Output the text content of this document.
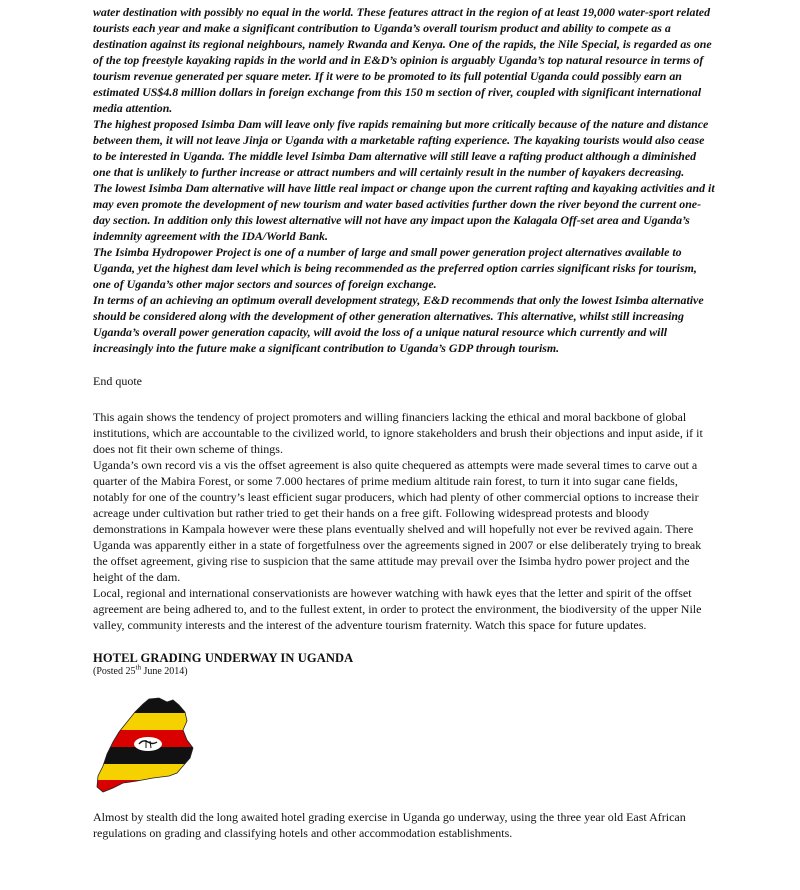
water destination with possibly no equal in the world. These features attract in the region of at least 19,000 water-sport related tourists each year and make a significant contribution to Uganda’s overall tourism product and ability to compete as a destination against its regional neighbours, namely Rwanda and Kenya. One of the rapids, the Nile Special, is regarded as one of the top freestyle kayaking rapids in the world and in E&D’s opinion is arguably Uganda’s top natural resource in terms of tourism revenue generated per square meter. If it were to be promoted to its full potential Uganda could possibly earn an estimated US$4.8 million dollars in foreign exchange from this 150 m section of river, coupled with significant international media attention.

The highest proposed Isimba Dam will leave only five rapids remaining but more critically because of the nature and distance between them, it will not leave Jinja or Uganda with a marketable rafting experience. The kayaking tourists would also cease to be interested in Uganda. The middle level Isimba Dam alternative will still leave a rafting product although a diminished one that is unlikely to further increase or attract numbers and will certainly result in the number of kayakers decreasing.

The lowest Isimba Dam alternative will have little real impact or change upon the current rafting and kayaking activities and it may even promote the development of new tourism and water based activities further down the river beyond the current one-day section. In addition only this lowest alternative will not have any impact upon the Kalagala Off-set area and Uganda’s indemnity agreement with the IDA/World Bank.

The Isimba Hydropower Project is one of a number of large and small power generation project alternatives available to Uganda, yet the highest dam level which is being recommended as the preferred option carries significant risks for tourism, one of Uganda’s other major sectors and sources of foreign exchange.

In terms of an achieving an optimum overall development strategy, E&D recommends that only the lowest Isimba alternative should be considered along with the development of other generation alternatives. This alternative, whilst still increasing Uganda’s overall power generation capacity, will avoid the loss of a unique natural resource which currently and will increasingly into the future make a significant contribution to Uganda’s GDP through tourism.

End quote

This again shows the tendency of project promoters and willing financiers lacking the ethical and moral backbone of global institutions, which are accountable to the civilized world, to ignore stakeholders and brush their objections and input aside, if it does not fit their own scheme of things.

Uganda’s own record vis a vis the offset agreement is also quite chequered as attempts were made several times to carve out a quarter of the Mabira Forest, or some 7.000 hectares of prime medium altitude rain forest, to turn it into sugar cane fields, notably for one of the country’s least efficient sugar producers, which had plenty of other commercial options to increase their acreage under cultivation but rather tried to get their hands on a free gift. Following widespread protests and bloody demonstrations in Kampala however were these plans eventually shelved and will hopefully not ever be revived again. There Uganda was apparently either in a state of forgetfulness over the agreements signed in 2007 or else deliberately trying to break the offset agreement, giving rise to suspicion that the same attitude may prevail over the Isimba hydro power project and the height of the dam.

Local, regional and international conservationists are however watching with hawk eyes that the letter and spirit of the offset agreement are being adhered to, and to the fullest extent, in order to protect the environment, the biodiversity of the upper Nile valley, community interests and the interest of the adventure tourism fraternity. Watch this space for future updates.

HOTEL GRADING UNDERWAY IN UGANDA

(Posted 25th June 2014)

Almost by stealth did the long awaited hotel grading exercise in Uganda go underway, using the three year old East African regulations on grading and classifying hotels and other accommodation establishments.
